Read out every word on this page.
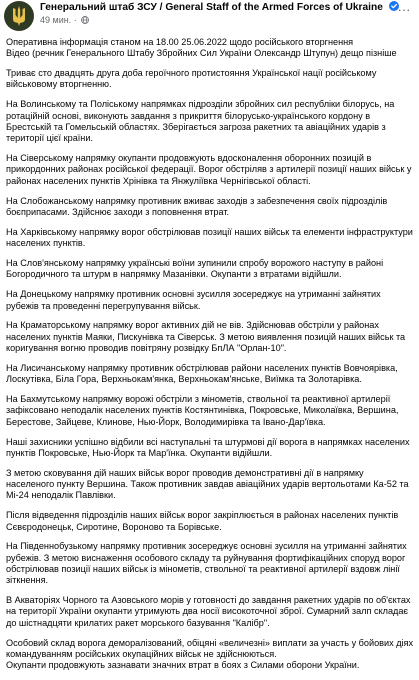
Генеральний штаб ЗСУ / General Staff of the Armed Forces of Ukraine
49 мин. ·
···
Оперативна інформація станом на 18.00 25.06.2022 щодо російського вторгнення
Відео (речник Генерального Штабу Збройних Сил України Олександр Штупун) дещо пізніше
Триває сто двадцять друга доба героїчного протистояння Української нації російському військовому вторгненню.
На Волинському та Поліському напрямках підрозділи збройних сил республіки білорусь, на ротаційній основі, виконують завдання з прикриття білорусько-українського кордону в Брестській та Гомельській областях. Зберігається загроза ракетних та авіаційних ударів з території цієї країни.
На Сіверському напрямку окупанти продовжують вдосконалення оборонних позицій в прикордонних районах російської федерації. Ворог обстріляв з артилерії позиції наших військ у районах населених пунктів Хрінівка та Янжуліївка Чернігівської області.
На Слобожанському напрямку противник вживає заходів з забезпечення своїх підрозділів боєприпасами. Здійснює заходи з поповнення втрат.
На Харківському напрямку ворог обстрілював позиції наших військ та елементи інфраструктури населених пунктів.
На Слов'янському напрямку українські воїни зупинили спробу ворожого наступу в районі Богородичного та штурм в напрямку Мазанівки. Окупанти з втратами відійшли.
На Донецькому напрямку противник основні зусилля зосереджує на утриманні зайнятих рубежів та проведенні перегрупування військ.
На Краматорському напрямку ворог активних дій не вів. Здійснював обстріли у районах населених пунктів Маяки, Пискунівка та Сіверськ. З метою виявлення позицій наших військ та коригування вогню проводив повітряну розвідку БпЛА "Орлан-10".
На Лисичанському напрямку противник обстрілював райони населених пунктів Вовчоярівка, Лоскутівка, Біла Гора, Верхньокам'янка, Верхньокам'янське, Виїмка та Золотарівка.
На Бахмутському напрямку ворожі обстріли з мінометів, ствольної та реактивної артилерії зафіксовано неподалік населених пунктів Костянтинівка, Покровське, Миколаївка, Вершина, Берестове, Зайцеве, Клинове, Нью-Йорк, Володимирівка та Івано-Дар'ївка.
Наші захисники успішно відбили всі наступальні та штурмові дії ворога в напрямках населених пунктів Покровське, Нью-Йорк та Мар'їнка. Окупанти відійшли.
З метою сковування дій наших військ ворог проводив демонстративні дії в напрямку населеного пункту Вершина. Також противник завдав авіаційних ударів вертольотами Ка-52 та Мі-24 неподалік Павлівки.
Після відведення підрозділів наших військ ворог закріплюється в районах населених пунктів Сєвєродонецьк, Сиротине, Вороново та Борівське.
На Південнобузькому напрямку противник зосереджує основні зусилля на утриманні зайнятих рубежів. З метою виснаження особового складу та руйнування фортифікаційних споруд ворог обстрілював позиції наших військ із мінометів, ствольної та реактивної артилерії вздовж лінії зіткнення.
В Акваторіях Чорного та Азовського морів у готовності до завдання ракетних ударів по об'єктах на території України окупанти утримують два носії високоточної зброї. Сумарний залп складає до шістнадцяти крилатих ракет морського базування "Калібр".
Особовий склад ворога деморалізований, обіцяні «величезні» виплати за участь у бойових діях командуванням російських окупаційних військ не здійснюються.
Окупанти продовжують зазнавати значних втрат в боях з Силами оборони України.
